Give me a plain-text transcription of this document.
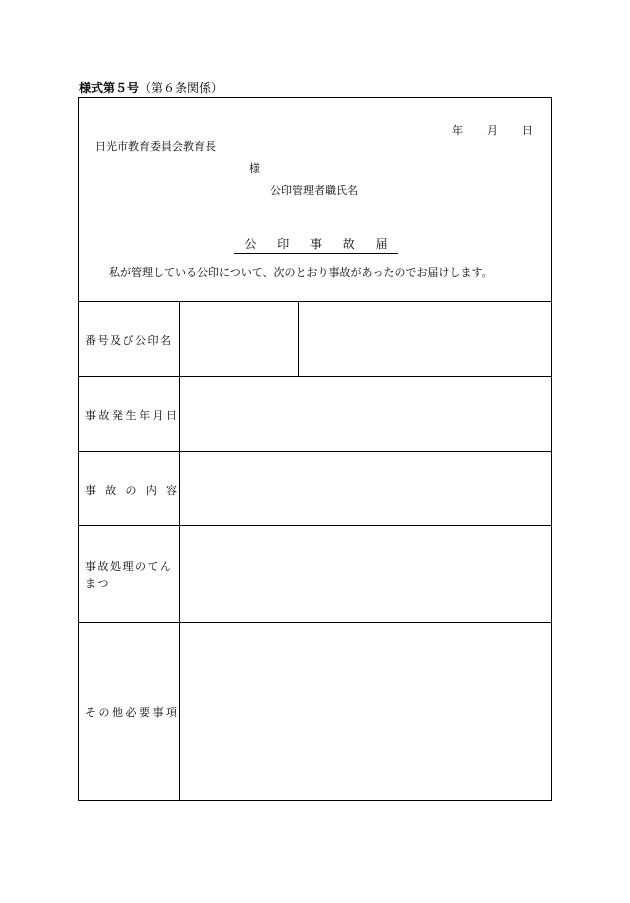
様式第５号（第６条関係）
年 月 日
日光市教育委員会教育長
様
公印管理者職氏名
公 印 事 故 届
私が管理している公印について、次のとおり事故があったのでお届けします。
番号及び公印名
事 故 発 生 年 月 日
事 故 の 内 容
事故処理のてんまつ
そ の 他 必 要 事 項
